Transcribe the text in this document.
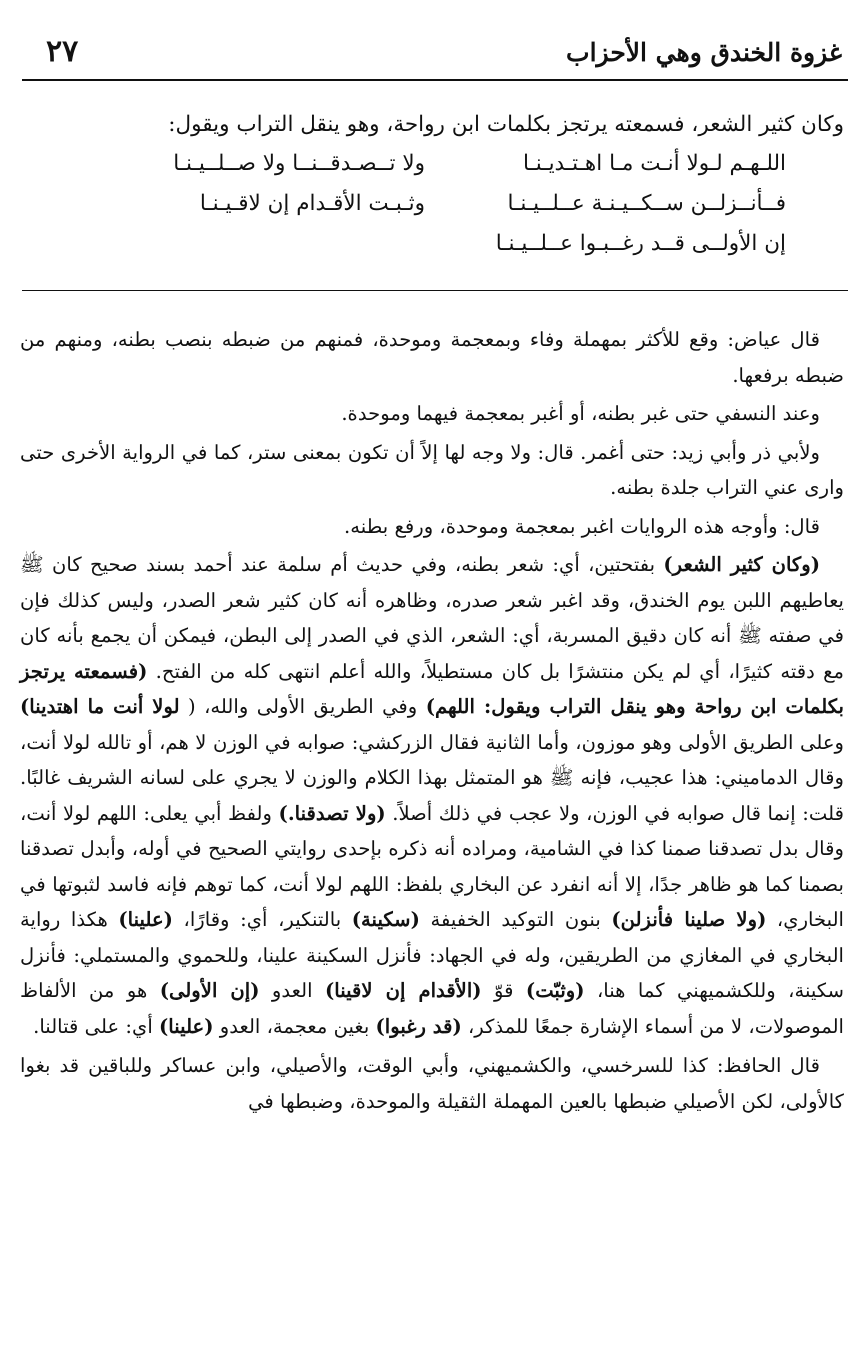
غزوة الخندق وهي الأحزاب
٢٧
وكان كثير الشعر، فسمعته يرتجز بكلمات ابن رواحة، وهو ينقل التراب ويقول:
اللـهـم لـولا أنـت مـا اهـتـديـنـا
ولا تــصـدقــنــا ولا صــلــيـنـا
فــأنــزلــن ســكــيـنـة عــلــيـنـا
وثـبـت الأقـدام إن لاقـيـنـا
إن الأولــى قــد رغــبـوا عــلــيـنـا

قال عياض: وقع للأكثر بمهملة وفاء وبمعجمة وموحدة، فمنهم من ضبطه بنصب بطنه، ومنهم من ضبطه برفعها.

وعند النسفي حتى غبر بطنه، أو أغبر بمعجمة فيهما وموحدة.

ولأبي ذر وأبي زيد: حتى أغمر. قال: ولا وجه لها إلاً أن تكون بمعنى ستر، كما في الرواية الأخرى حتى وارى عني التراب جلدة بطنه.

قال: وأوجه هذه الروايات اغبر بمعجمة وموحدة، ورفع بطنه.

(وكان كثير الشعر) بفتحتين، أي: شعر بطنه، وفي حديث أم سلمة عند أحمد بسند صحيح كان ﷺ يعاطيهم اللبن يوم الخندق، وقد اغبر شعر صدره، وظاهره أنه كان كثير شعر الصدر، وليس كذلك فإن في صفته ﷺ أنه كان دقيق المسربة، أي: الشعر، الذي في الصدر إلى البطن، فيمكن أن يجمع بأنه كان مع دقته كثيرًا، أي لم يكن منتشرًا بل كان مستطيلاً، والله أعلم انتهى كله من الفتح. (فسمعته يرتجز بكلمات ابن رواحة وهو ينقل التراب ويقول: اللهم) وفي الطريق الأولى والله، ( لولا أنت ما اهتدينا) وعلى الطريق الأولى وهو موزون، وأما الثانية فقال الزركشي: صوابه في الوزن لا هم، أو تالله لولا أنت، وقال الدماميني: هذا عجيب، فإنه ﷺ هو المتمثل بهذا الكلام والوزن لا يجري على لسانه الشريف غالبًا. قلت: إنما قال صوابه في الوزن، ولا عجب في ذلك أصلاً. (ولا تصدقنا.) ولفظ أبي يعلى: اللهم لولا أنت، وقال بدل تصدقنا صمنا كذا في الشامية، ومراده أنه ذكره بإحدى روايتي الصحيح في أوله، وأبدل تصدقنا بصمنا كما هو ظاهر جدًا، إلا أنه انفرد عن البخاري بلفظ: اللهم لولا أنت، كما توهم فإنه فاسد لثبوتها في البخاري، (ولا صلينا فأنزلن) بنون التوكيد الخفيفة (سكينة) بالتنكير، أي: وقارًا، (علينا) هكذا رواية البخاري في المغازي من الطريقين، وله في الجهاد: فأنزل السكينة علينا، وللحموي والمستملي: فأنزل سكينة، وللكشميهني كما هنا، (وثبّت) قوّ (الأقدام إن لاقينا) العدو (إن الأولى) هو من الألفاظ الموصولات، لا من أسماء الإشارة جمعًا للمذكر، (قد رغبوا) بغين معجمة، العدو (علينا) أي: على قتالنا.

قال الحافظ: كذا للسرخسي، والكشميهني، وأبي الوقت، والأصيلي، وابن عساكر وللباقين قد بغوا كالأولى، لكن الأصيلي ضبطها بالعين المهملة الثقيلة والموحدة، وضبطها في
